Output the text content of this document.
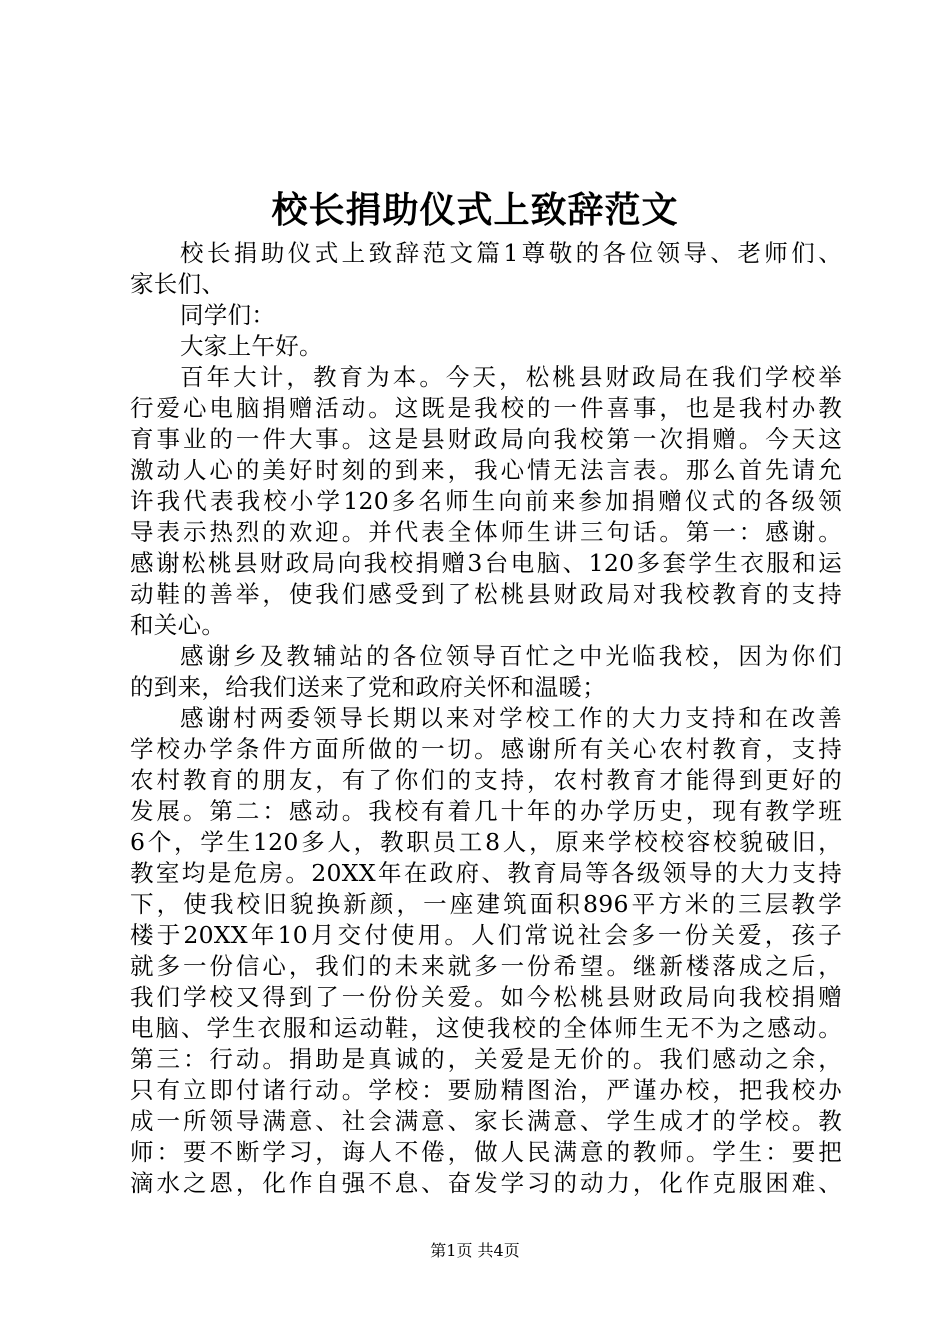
校长捐助仪式上致辞范文
校长捐助仪式上致辞范文篇1尊敬的各位领导、老师们、
家长们、
同学们：
大家上午好。
百年大计，教育为本。今天，松桃县财政局在我们学校举
行爱心电脑捐赠活动。这既是我校的一件喜事，也是我村办教
育事业的一件大事。这是县财政局向我校第一次捐赠。今天这
激动人心的美好时刻的到来，我心情无法言表。那么首先请允
许我代表我校小学120多名师生向前来参加捐赠仪式的各级领
导表示热烈的欢迎。并代表全体师生讲三句话。第一：感谢。
感谢松桃县财政局向我校捐赠3台电脑、120多套学生衣服和运
动鞋的善举，使我们感受到了松桃县财政局对我校教育的支持
和关心。
感谢乡及教辅站的各位领导百忙之中光临我校，因为你们
的到来，给我们送来了党和政府关怀和温暖；
感谢村两委领导长期以来对学校工作的大力支持和在改善
学校办学条件方面所做的一切。感谢所有关心农村教育，支持
农村教育的朋友，有了你们的支持，农村教育才能得到更好的
发展。第二：感动。我校有着几十年的办学历史，现有教学班
6个，学生120多人，教职员工8人，原来学校校容校貌破旧，
教室均是危房。20XX年在政府、教育局等各级领导的大力支持
下，使我校旧貌换新颜，一座建筑面积896平方米的三层教学
楼于20XX年10月交付使用。人们常说社会多一份关爱，孩子
就多一份信心，我们的未来就多一份希望。继新楼落成之后，
我们学校又得到了一份份关爱。如今松桃县财政局向我校捐赠
电脑、学生衣服和运动鞋，这使我校的全体师生无不为之感动。
第三：行动。捐助是真诚的，关爱是无价的。我们感动之余，
只有立即付诸行动。学校：要励精图治，严谨办校，把我校办
成一所领导满意、社会满意、家长满意、学生成才的学校。教
师：要不断学习，诲人不倦，做人民满意的教师。学生：要把
滴水之恩，化作自强不息、奋发学习的动力，化作克服困难、
第1页 共4页
